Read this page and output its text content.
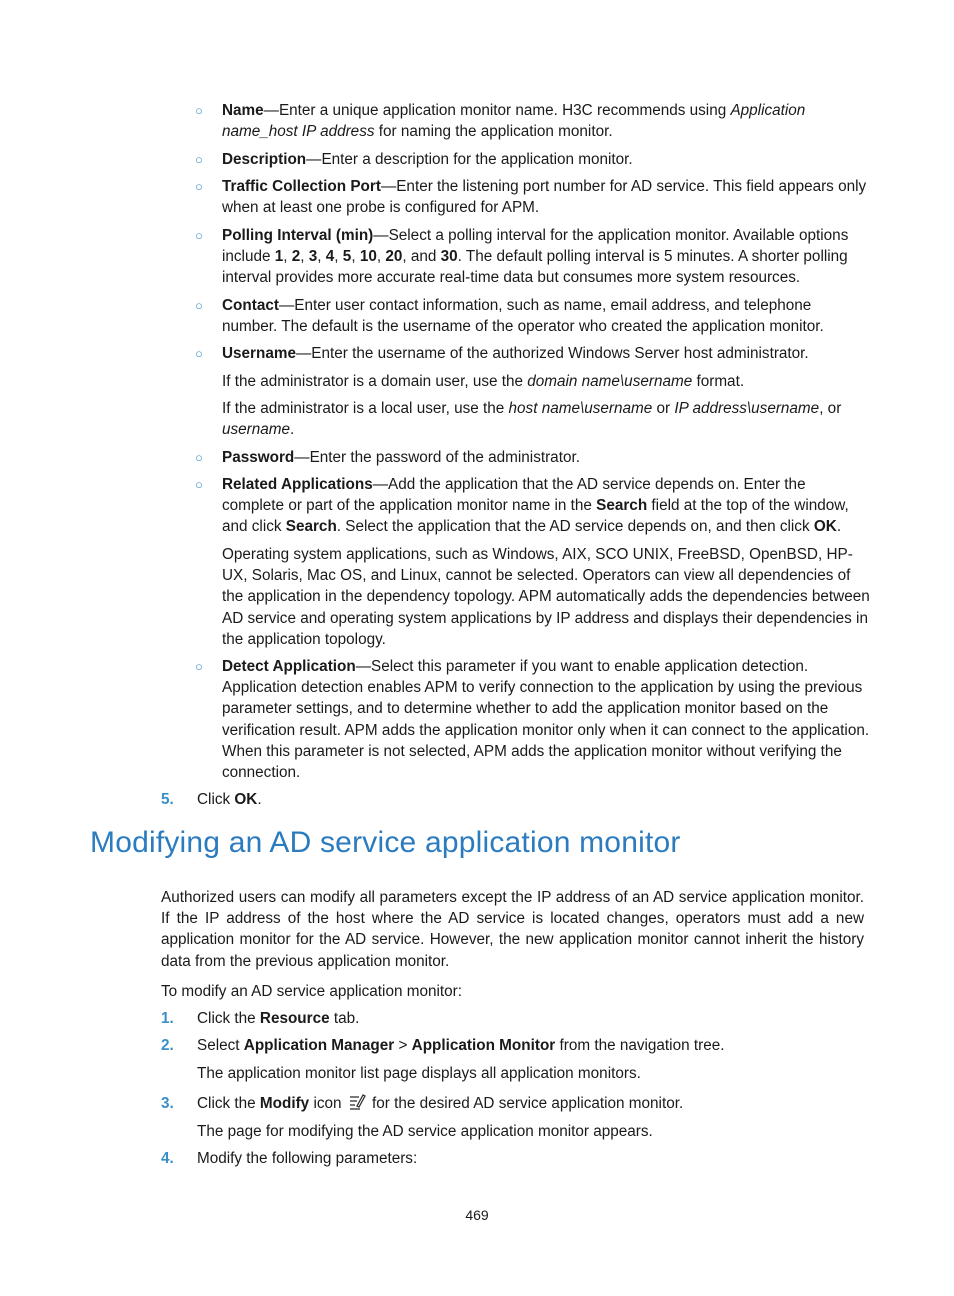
○ Name—Enter a unique application monitor name. H3C recommends using Application name_host IP address for naming the application monitor.
○ Description—Enter a description for the application monitor.
○ Traffic Collection Port—Enter the listening port number for AD service. This field appears only when at least one probe is configured for APM.
○ Polling Interval (min)—Select a polling interval for the application monitor. Available options include 1, 2, 3, 4, 5, 10, 20, and 30. The default polling interval is 5 minutes. A shorter polling interval provides more accurate real-time data but consumes more system resources.
○ Contact—Enter user contact information, such as name, email address, and telephone number. The default is the username of the operator who created the application monitor.
○ Username—Enter the username of the authorized Windows Server host administrator.
If the administrator is a domain user, use the domain name\username format.
If the administrator is a local user, use the host name\username or IP address\username, or username.
○ Password—Enter the password of the administrator.
○ Related Applications—Add the application that the AD service depends on. Enter the complete or part of the application monitor name in the Search field at the top of the window, and click Search. Select the application that the AD service depends on, and then click OK.
Operating system applications, such as Windows, AIX, SCO UNIX, FreeBSD, OpenBSD, HP-UX, Solaris, Mac OS, and Linux, cannot be selected. Operators can view all dependencies of the application in the dependency topology. APM automatically adds the dependencies between AD service and operating system applications by IP address and displays their dependencies in the application topology.
○ Detect Application—Select this parameter if you want to enable application detection. Application detection enables APM to verify connection to the application by using the previous parameter settings, and to determine whether to add the application monitor based on the verification result. APM adds the application monitor only when it can connect to the application. When this parameter is not selected, APM adds the application monitor without verifying the connection.
5. Click OK.
Modifying an AD service application monitor
Authorized users can modify all parameters except the IP address of an AD service application monitor. If the IP address of the host where the AD service is located changes, operators must add a new application monitor for the AD service. However, the new application monitor cannot inherit the history data from the previous application monitor.
To modify an AD service application monitor:
1. Click the Resource tab.
2. Select Application Manager > Application Monitor from the navigation tree.
The application monitor list page displays all application monitors.
3. Click the Modify icon  for the desired AD service application monitor.
The page for modifying the AD service application monitor appears.
4. Modify the following parameters:
469
